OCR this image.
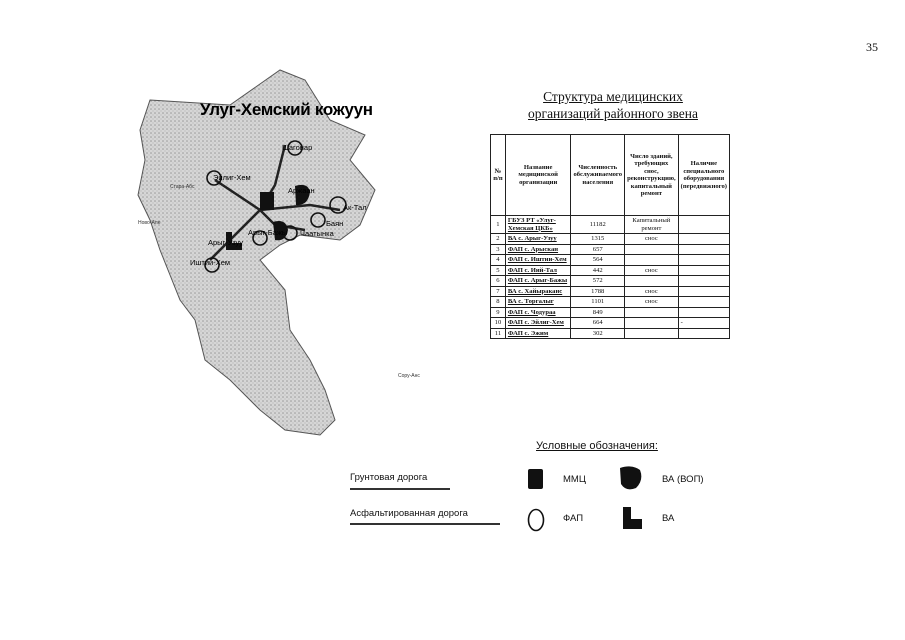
35
Улуг-Хемский кожуун
Шагонар
Эйлиг-Хем
Аржаан
Ак-Тал
Баян
Чаатынка
Арыг-Бажы
Арыг-Узуу
Иштии-Хем
Стара-Абс
Ново-Але
Сору-Анс
Структура медицинских
организаций районного звена
№ п/п	Название медицинской организации	Численность обслуживаемого населения	Число зданий, требующих снос, реконструкцию, капитальный ремонт	Наличие специального оборудования (передвижного)
1	ГБУЗ РТ «Улуг-Хемская ЦКБ»	11182	Капитальный ремонт	
2	ВА с. Арыг-Узуу	1315	снос	
3	ФАП с. Арыскан	657		
4	ФАП с. Иштии-Хем	564		
5	ФАП с. Иий-Тал	442	снос	
6	ФАП с. Арыг-Бажы	572		
7	ВА с. Хайыраканс	1788	снос	
8	ВА с. Торгалыг	1101	снос	
9	ФАП с. Чодураа	849		
10	ФАП с. Эйлиг-Хем	664		-
11	ФАП с. Эжим	302		
Условные обозначения:
Грунтовая дорога
Асфальтированная дорога
ММЦ	ВА (ВОП)
ФАП	ВА
